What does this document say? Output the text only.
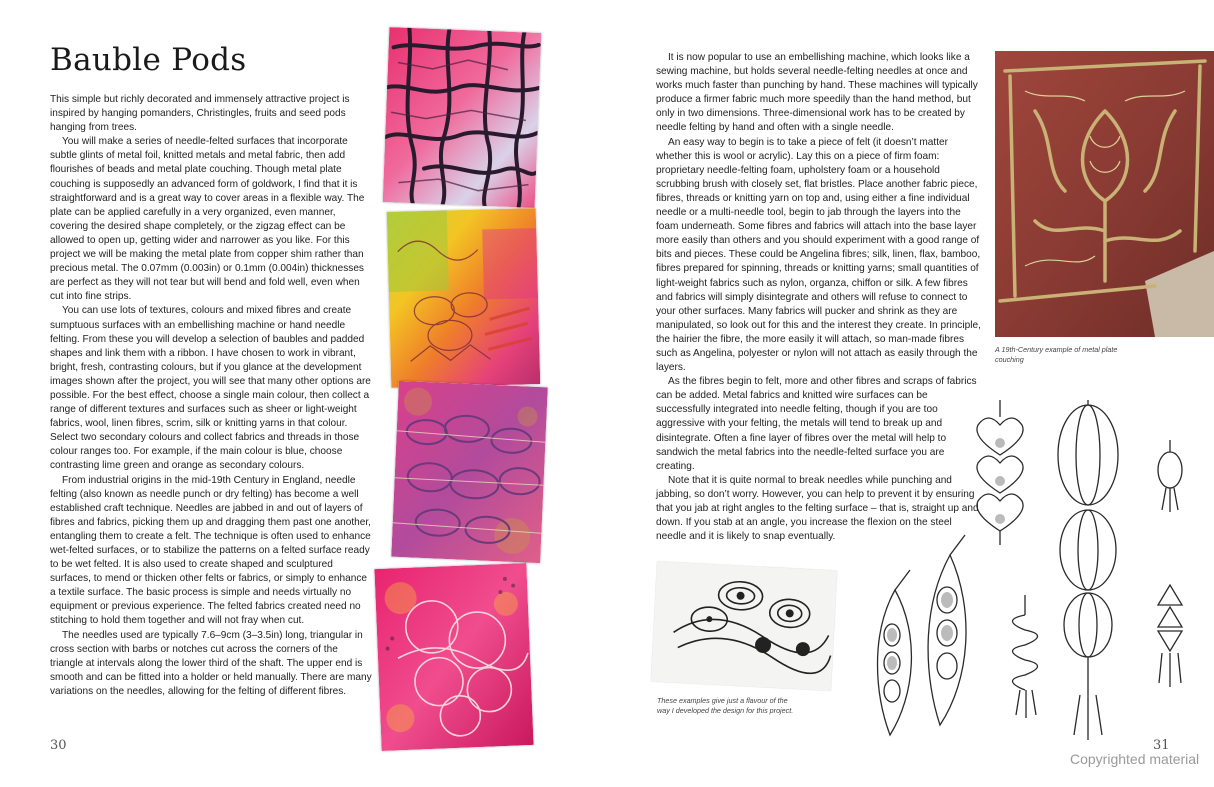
Bauble Pods

This simple but richly decorated and immensely attractive project is inspired by hanging pomanders, Christingles, fruits and seed pods hanging from trees.

You will make a series of needle-felted surfaces that incorporate subtle glints of metal foil, knitted metals and metal fabric, then add flourishes of beads and metal plate couching. Though metal plate couching is supposedly an advanced form of goldwork, I find that it is straightforward and is a great way to cover areas in a flexible way. The plate can be applied carefully in a very organized, even manner, covering the desired shape completely, or the zigzag effect can be allowed to open up, getting wider and narrower as you like. For this project we will be making the metal plate from copper shim rather than precious metal. The 0.07mm (0.003in) or 0.1mm (0.004in) thicknesses are perfect as they will not tear but will bend and fold well, even when cut into fine strips.

You can use lots of textures, colours and mixed fibres and create sumptuous surfaces with an embellishing machine or hand needle felting. From these you will develop a selection of baubles and padded shapes and link them with a ribbon. I have chosen to work in vibrant, bright, fresh, contrasting colours, but if you glance at the development images shown after the project, you will see that many other options are possible. For the best effect, choose a single main colour, then collect a range of different textures and surfaces such as sheer or light-weight fabrics, wool, linen fibres, scrim, silk or knitting yarns in that colour. Select two secondary colours and collect fabrics and threads in those colour ranges too. For example, if the main colour is blue, choose contrasting lime green and orange as secondary colours.

From industrial origins in the mid-19th Century in England, needle felting (also known as needle punch or dry felting) has become a well established craft technique. Needles are jabbed in and out of layers of fibres and fabrics, picking them up and dragging them past one another, entangling them to create a felt. The technique is often used to enhance wet-felted surfaces, or to stabilize the patterns on a felted surface ready to be wet felted. It is also used to create shaped and sculptured surfaces, to mend or thicken other felts or fabrics, or simply to enhance a textile surface. The basic process is simple and needs virtually no equipment or previous experience. The felted fabrics created need no stitching to hold them together and will not fray when cut.

The needles used are typically 7.6–9cm (3–3.5in) long, triangular in cross section with barbs or notches cut across the corners of the triangle at intervals along the lower third of the shaft. The upper end is smooth and can be fitted into a holder or held manually. There are many variations on the needles, allowing for the felting of different fibres.

30

It is now popular to use an embellishing machine, which looks like a sewing machine, but holds several needle-felting needles at once and works much faster than punching by hand. These machines will typically produce a firmer fabric much more speedily than the hand method, but only in two dimensions. Three-dimensional work has to be created by needle felting by hand and often with a single needle.

An easy way to begin is to take a piece of felt (it doesn’t matter whether this is wool or acrylic). Lay this on a piece of firm foam: proprietary needle-felting foam, upholstery foam or a household scrubbing brush with closely set, flat bristles. Place another fabric piece, fibres, threads or knitting yarn on top and, using either a fine individual needle or a multi-needle tool, begin to jab through the layers into the foam underneath. Some fibres and fabrics will attach into the base layer more easily than others and you should experiment with a good range of bits and pieces. These could be Angelina fibres; silk, linen, flax, bamboo, fibres prepared for spinning, threads or knitting yarns; small quantities of light-weight fabrics such as nylon, organza, chiffon or silk. A few fibres and fabrics will simply disintegrate and others will refuse to connect to your other surfaces. Many fabrics will pucker and shrink as they are manipulated, so look out for this and the interest they create. In principle, the hairier the fibre, the more easily it will attach, so man-made fibres such as Angelina, polyester or nylon will not attach as easily through the layers.

As the fibres begin to felt, more and other fibres and scraps of fabrics can be added. Metal fabrics and knitted wire surfaces can be successfully integrated into needle felting, though if you are too aggressive with your felting, the metals will tend to break up and disintegrate. Often a fine layer of fibres over the metal will help to sandwich the metal fabrics into the needle-felted surface you are creating.

Note that it is quite normal to break needles while punching and jabbing, so don’t worry. However, you can help to prevent it by ensuring that you jab at right angles to the felting surface – that is, straight up and down. If you stab at an angle, you increase the flexion on the steel needle and it is likely to snap eventually.

A 19th-Century example of metal plate couching
These examples give just a flavour of the way I developed the design for this project.
31
Copyrighted material
